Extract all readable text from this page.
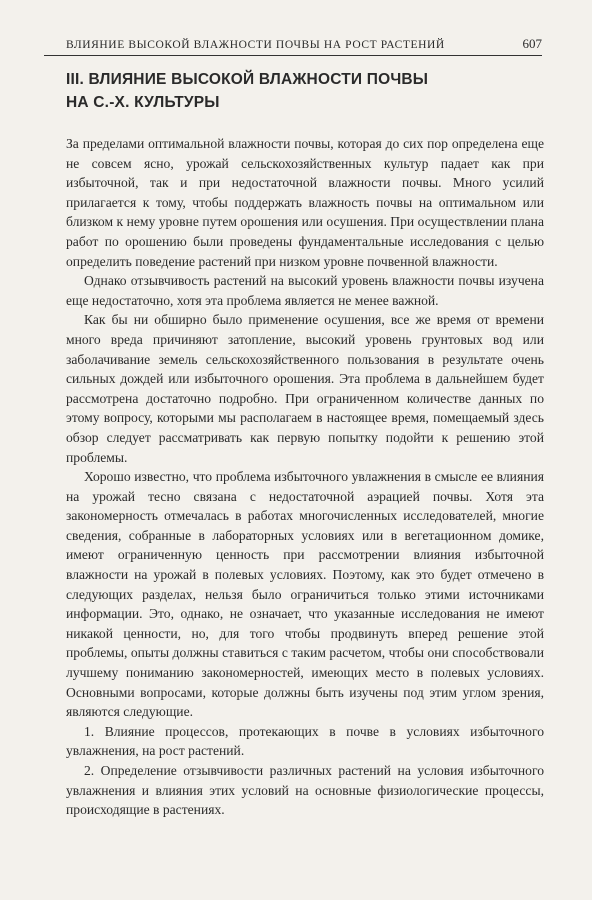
ВЛИЯНИЕ ВЫСОКОЙ ВЛАЖНОСТИ ПОЧВЫ НА РОСТ РАСТЕНИЙ	607
III. ВЛИЯНИЕ ВЫСОКОЙ ВЛАЖНОСТИ ПОЧВЫ
НА С.-Х. КУЛЬТУРЫ

За пределами оптимальной влажности почвы, которая до сих пор определена еще не совсем ясно, урожай сельскохозяйственных культур падает как при избыточной, так и при недостаточной влажности почвы. Много усилий прилагается к тому, чтобы поддержать влажность почвы на оптимальном или близком к нему уровне путем орошения или осушения. При осуществлении плана работ по орошению были проведены фундаментальные исследования с целью определить поведение растений при низком уровне почвенной влажности.

Однако отзывчивость растений на высокий уровень влажности почвы изучена еще недостаточно, хотя эта проблема является не менее важной.

Как бы ни обширно было применение осушения, все же время от времени много вреда причиняют затопление, высокий уровень грунтовых вод или заболачивание земель сельскохозяйственного пользования в результате очень сильных дождей или избыточного орошения. Эта проблема в дальнейшем будет рассмотрена достаточно подробно. При ограниченном количестве данных по этому вопросу, которыми мы располагаем в настоящее время, помещаемый здесь обзор следует рассматривать как первую попытку подойти к решению этой проблемы.

Хорошо известно, что проблема избыточного увлажнения в смысле ее влияния на урожай тесно связана с недостаточной аэрацией почвы. Хотя эта закономерность отмечалась в работах многочисленных исследователей, многие сведения, собранные в лабораторных условиях или в вегетационном домике, имеют ограниченную ценность при рассмотрении влияния избыточной влажности на урожай в полевых условиях. Поэтому, как это будет отмечено в следующих разделах, нельзя было ограничиться только этими источниками информации. Это, однако, не означает, что указанные исследования не имеют никакой ценности, но, для того чтобы продвинуть вперед решение этой проблемы, опыты должны ставиться с таким расчетом, чтобы они способствовали лучшему пониманию закономерностей, имеющих место в полевых условиях. Основными вопросами, которые должны быть изучены под этим углом зрения, являются следующие.

1. Влияние процессов, протекающих в почве в условиях избыточного увлажнения, на рост растений.

2. Определение отзывчивости различных растений на условия избыточного увлажнения и влияния этих условий на основные физиологические процессы, происходящие в растениях.
